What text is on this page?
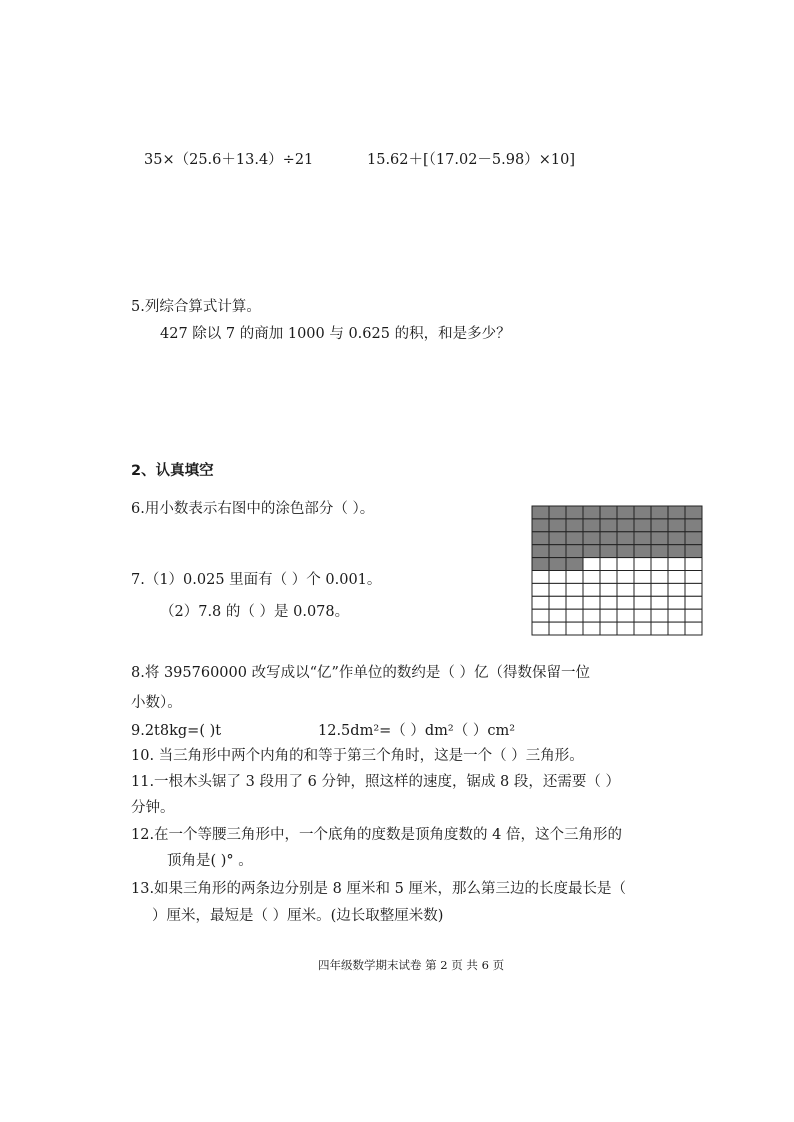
35×（25.6＋13.4）÷21	15.62＋[（17.02－5.98）×10]
5.列综合算式计算。
427 除以 7 的商加 1000 与 0.625 的积，和是多少？
2、认真填空
6.用小数表示右图中的涂色部分（ ）。
7.（1）0.025 里面有（ ）个 0.001。
（2）7.8 的（ ）是 0.078。
8.将 395760000 改写成以“亿”作单位的数约是（ ）亿（得数保留一位
小数）。
9.2t8kg=( )t	12.5dm²=（ ）dm²（ ）cm²
10. 当三角形中两个内角的和等于第三个角时，这是一个（ ）三角形。
11.一根木头锯了 3 段用了 6 分钟，照这样的速度，锯成 8 段，还需要（ ）
分钟。
12.在一个等腰三角形中，一个底角的度数是顶角度数的 4 倍，这个三角形的
顶角是( )° 。
13.如果三角形的两条边分别是 8 厘米和 5 厘米，那么第三边的长度最长是（
）厘米，最短是（ ）厘米。(边长取整厘米数)
四年级数学期末试卷 第 2 页 共 6 页
